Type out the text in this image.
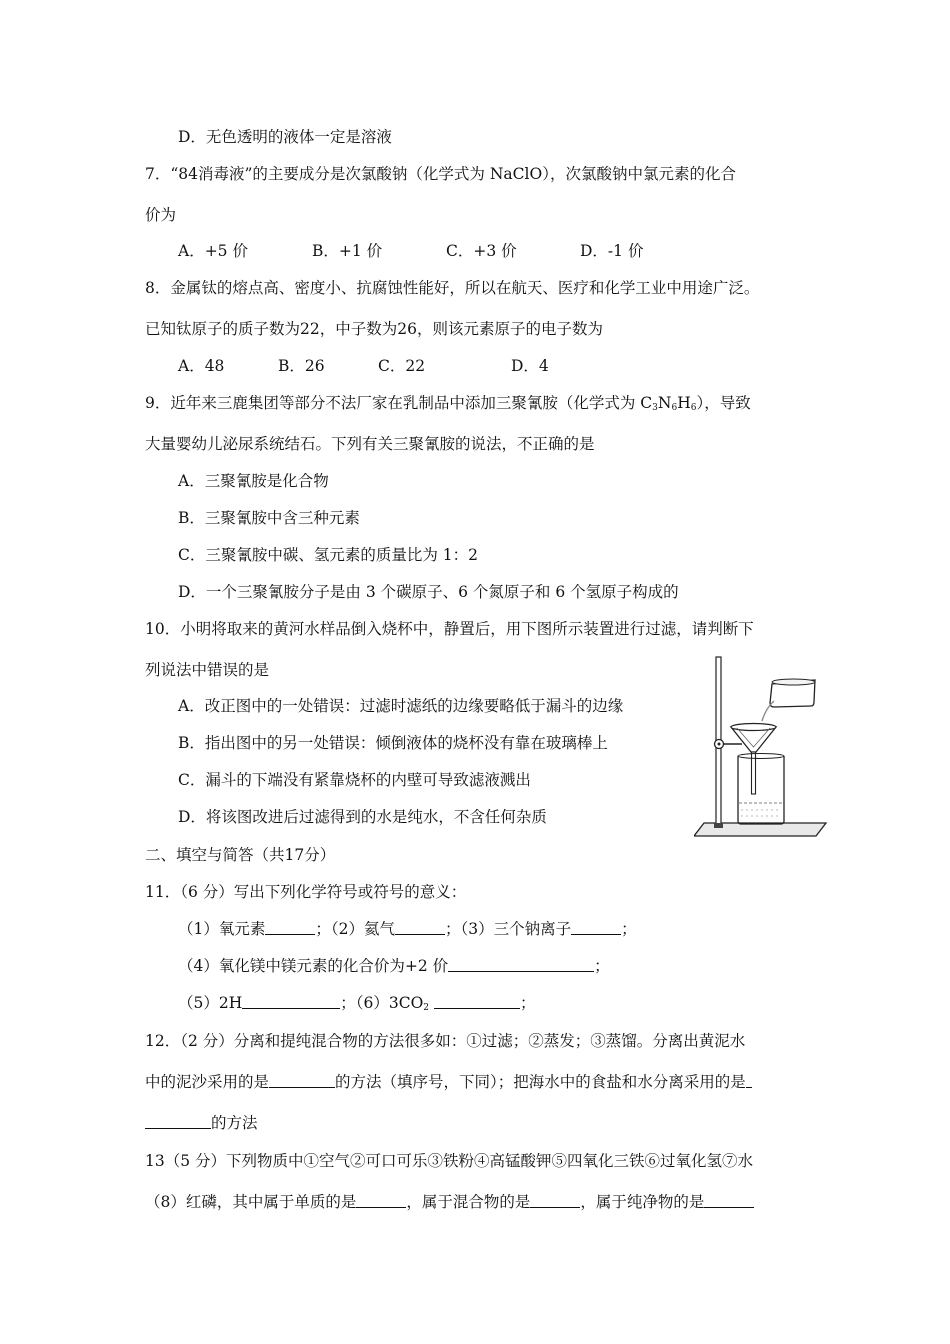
D．无色透明的液体一定是溶液
7．“84消毒液”的主要成分是次氯酸钠（化学式为 NaClO），次氯酸钠中氯元素的化合
价为
A．+5 价	B．+1 价	C．+3 价	D．-1 价
8．金属钛的熔点高、密度小、抗腐蚀性能好，所以在航天、医疗和化学工业中用途广泛。
已知钛原子的质子数为22，中子数为26，则该元素原子的电子数为
A．48	B．26	C．22	D．4
9．近年来三鹿集团等部分不法厂家在乳制品中添加三聚氰胺（化学式为 $C_3N_6H_6$），导致
大量婴幼儿泌尿系统结石。下列有关三聚氰胺的说法，不正确的是
A．三聚氰胺是化合物
B．三聚氰胺中含三种元素
C．三聚氰胺中碳、氢元素的质量比为 1：2
D．一个三聚氰胺分子是由 3 个碳原子、6 个氮原子和 6 个氢原子构成的
10．小明将取来的黄河水样品倒入烧杯中，静置后，用下图所示装置进行过滤，请判断下
列说法中错误的是
A．改正图中的一处错误：过滤时滤纸的边缘要略低于漏斗的边缘
B．指出图中的另一处错误：倾倒液体的烧杯没有靠在玻璃棒上
C．漏斗的下端没有紧靠烧杯的内壁可导致滤液溅出
D．将该图改进后过滤得到的水是纯水，不含任何杂质
二、填空与简答（共17分）
11．（6 分）写出下列化学符号或符号的意义：
（1）氧元素	；（2）氦气	；（3）三个钠离子	；
（4）氧化镁中镁元素的化合价为+2 价	；
（5）2H	；$(6)3CO_2$	；
12．（2 分）分离和提纯混合物的方法很多如：①过滤；②蒸发；③蒸馏。分离出黄泥水
中的泥沙采用的是	的方法（填序号，下同）；把海水中的食盐和水分离采用的是
的方法
13（5 分）下列物质中①空气②可口可乐③铁粉④高锰酸钾⑤四氧化三铁⑥过氧化氢⑦水
（8）红磷，其中属于单质的是	，属于混合物的是	，属于纯净物的是
